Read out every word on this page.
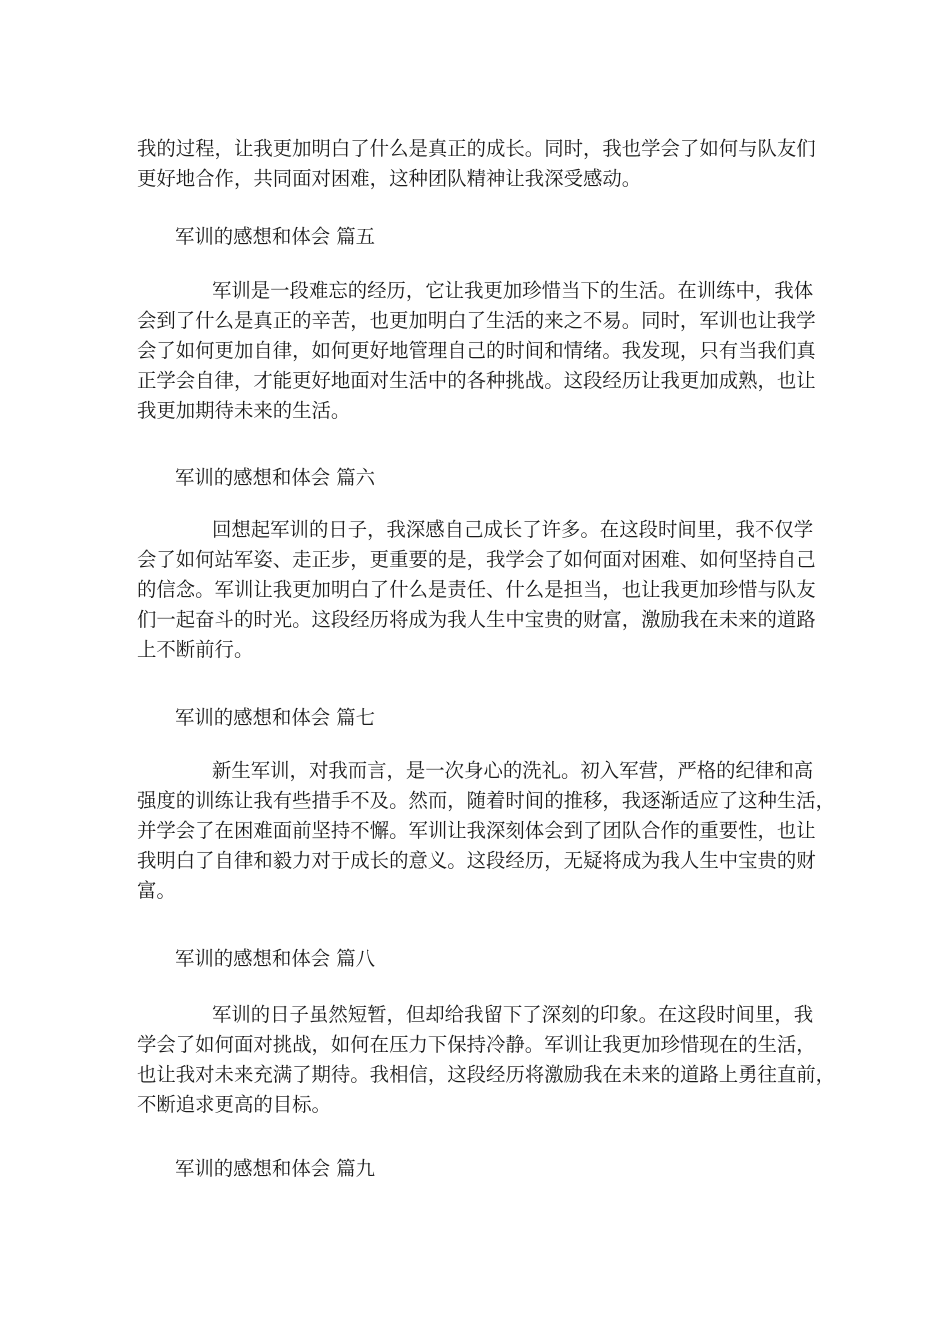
我的过程，让我更加明白了什么是真正的成长。同时，我也学会了如何与队友们
更好地合作，共同面对困难，这种团队精神让我深受感动。
军训的感想和体会 篇五
军训是一段难忘的经历，它让我更加珍惜当下的生活。在训练中，我体
会到了什么是真正的辛苦，也更加明白了生活的来之不易。同时，军训也让我学
会了如何更加自律，如何更好地管理自己的时间和情绪。我发现，只有当我们真
正学会自律，才能更好地面对生活中的各种挑战。这段经历让我更加成熟，也让
我更加期待未来的生活。
军训的感想和体会 篇六
回想起军训的日子，我深感自己成长了许多。在这段时间里，我不仅学
会了如何站军姿、走正步，更重要的是，我学会了如何面对困难、如何坚持自己
的信念。军训让我更加明白了什么是责任、什么是担当，也让我更加珍惜与队友
们一起奋斗的时光。这段经历将成为我人生中宝贵的财富，激励我在未来的道路
上不断前行。
军训的感想和体会 篇七
新生军训，对我而言，是一次身心的洗礼。初入军营，严格的纪律和高
强度的训练让我有些措手不及。然而，随着时间的推移，我逐渐适应了这种生活，
并学会了在困难面前坚持不懈。军训让我深刻体会到了团队合作的重要性，也让
我明白了自律和毅力对于成长的意义。这段经历，无疑将成为我人生中宝贵的财
富。
军训的感想和体会 篇八
军训的日子虽然短暂，但却给我留下了深刻的印象。在这段时间里，我
学会了如何面对挑战，如何在压力下保持冷静。军训让我更加珍惜现在的生活，
也让我对未来充满了期待。我相信，这段经历将激励我在未来的道路上勇往直前，
不断追求更高的目标。
军训的感想和体会 篇九
